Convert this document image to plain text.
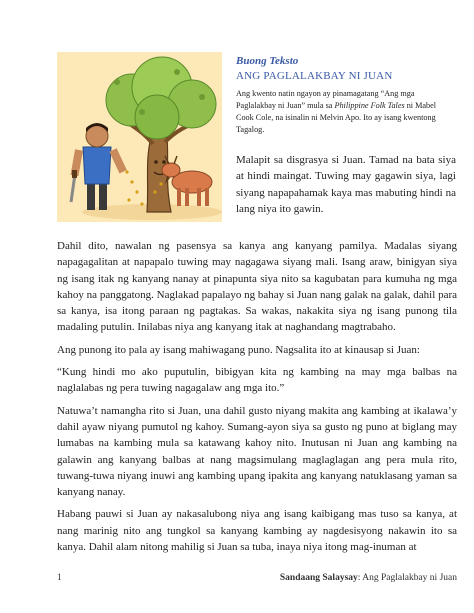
Buong Teksto
ANG PAGLALAKBAY NI JUAN
Ang kwento natin ngayon ay pinamagatang “Ang mga Paglalakbay ni Juan” mula sa Philippine Folk Tales ni Mabel Cook Cole, na isinalin ni Melvin Apo. Ito ay isang kwentong Tagalog.
Malapit sa disgrasya si Juan. Tamad na bata siya at hindi maingat. Tuwing may gagawin siya, lagi siyang napapahamak kaya mas mabuting hindi na lang niya ito gawin.

Dahil dito, nawalan ng pasensya sa kanya ang kanyang pamilya. Madalas siyang napagagalitan at napapalo tuwing may nagagawa siyang mali. Isang araw, binigyan siya ng isang itak ng kanyang nanay at pinapunta siya nito sa kagubatan para kumuha ng mga kahoy na panggatong. Naglakad papalayo ng bahay si Juan nang galak na galak, dahil para sa kanya, isa itong paraan ng pagtakas. Sa wakas, nakakita siya ng isang punong tila madaling putulin. Inilabas niya ang kanyang itak at naghandang magtrabaho.

Ang punong ito pala ay isang mahiwagang puno. Nagsalita ito at kinausap si Juan:

“Kung hindi mo ako puputulin, bibigyan kita ng kambing na may mga balbas na naglalabas ng pera tuwing nagagalaw ang mga ito.”

Natuwa’t namangha rito si Juan, una dahil gusto niyang makita ang kambing at ikalawa’y dahil ayaw niyang pumutol ng kahoy. Sumang-ayon siya sa gusto ng puno at biglang may lumabas na kambing mula sa katawang kahoy nito. Inutusan ni Juan ang kambing na galawin ang kanyang balbas at nang magsimulang maglaglagan ang pera mula rito, tuwang-tuwa niyang inuwi ang kambing upang ipakita ang kanyang natuklasang yaman sa kanyang nanay.

Habang pauwi si Juan ay nakasalubong niya ang isang kaibigang mas tuso sa kanya, at nang marinig nito ang tungkol sa kanyang kambing ay nagdesisyong nakawin ito sa kanya. Dahil alam nitong mahilig si Juan sa tuba, inaya niya itong mag-inuman at

1	Sandaang Salaysay: Ang Paglalakbay ni Juan
